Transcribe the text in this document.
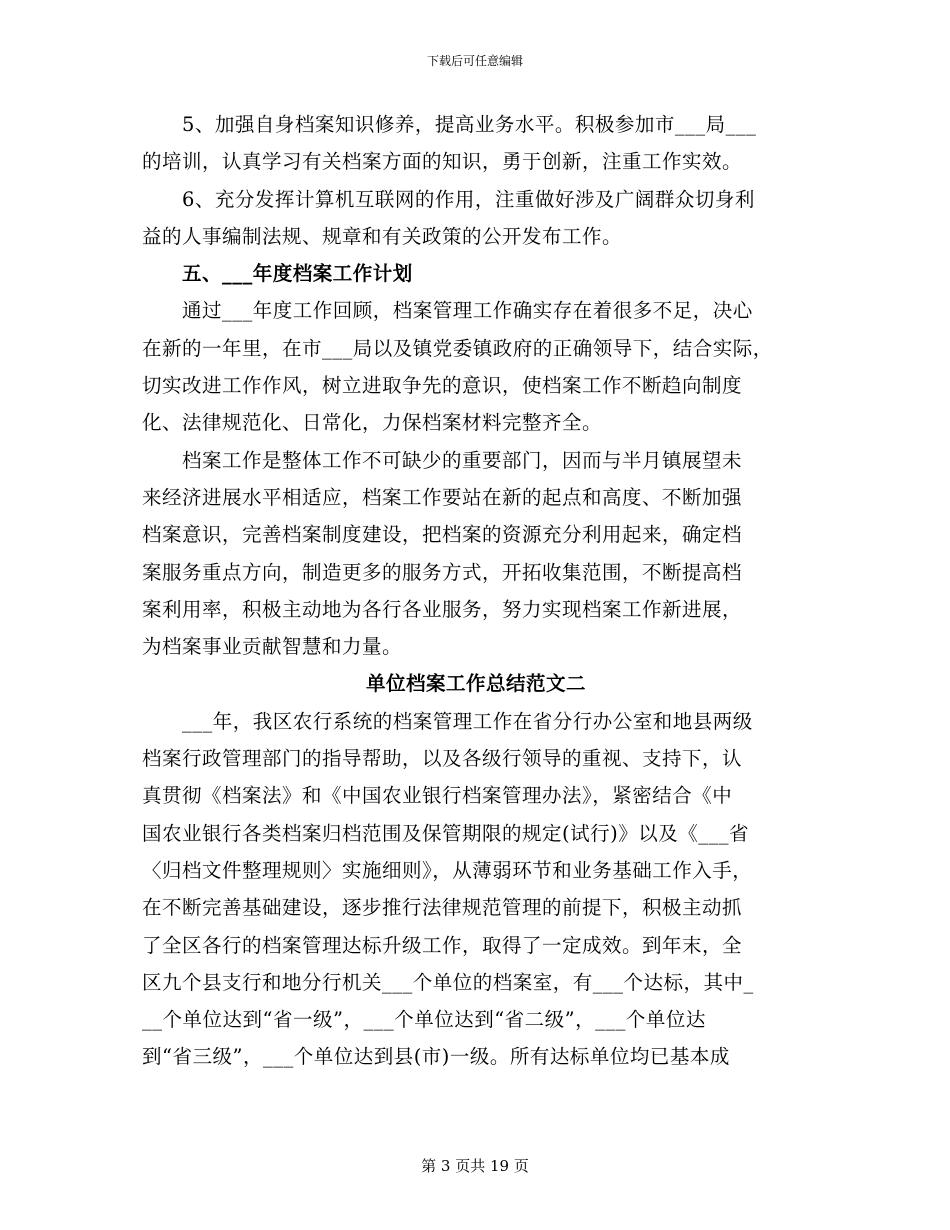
下载后可任意编辑
　　5、加强自身档案知识修养，提高业务水平。积极参加市___局___
的培训，认真学习有关档案方面的知识，勇于创新，注重工作实效。
　　6、充分发挥计算机互联网的作用，注重做好涉及广阔群众切身利
益的人事编制法规、规章和有关政策的公开发布工作。
　　五、___年度档案工作计划
　　通过___年度工作回顾，档案管理工作确实存在着很多不足，决心
在新的一年里，在市___局以及镇党委镇政府的正确领导下，结合实际，
切实改进工作作风，树立进取争先的意识，使档案工作不断趋向制度
化、法律规范化、日常化，力保档案材料完整齐全。
　　档案工作是整体工作不可缺少的重要部门，因而与半月镇展望未
来经济进展水平相适应，档案工作要站在新的起点和高度、不断加强
档案意识，完善档案制度建设，把档案的资源充分利用起来，确定档
案服务重点方向，制造更多的服务方式，开拓收集范围，不断提高档
案利用率，积极主动地为各行各业服务，努力实现档案工作新进展，
为档案事业贡献智慧和力量。
单位档案工作总结范文二
　　___年，我区农行系统的档案管理工作在省分行办公室和地县两级
档案行政管理部门的指导帮助，以及各级行领导的重视、支持下，认
真贯彻《档案法》和《中国农业银行档案管理办法》，紧密结合《中
国农业银行各类档案归档范围及保管期限的规定(试行)》以及《___省
〈归档文件整理规则〉实施细则》，从薄弱环节和业务基础工作入手，
在不断完善基础建设，逐步推行法律规范管理的前提下，积极主动抓
了全区各行的档案管理达标升级工作，取得了一定成效。到年末，全
区九个县支行和地分行机关___个单位的档案室，有___个达标，其中_
__个单位达到“省一级”，___个单位达到“省二级”，___个单位达
到“省三级”，___个单位达到县(市)一级。所有达标单位均已基本成
第 3 页共 19 页
